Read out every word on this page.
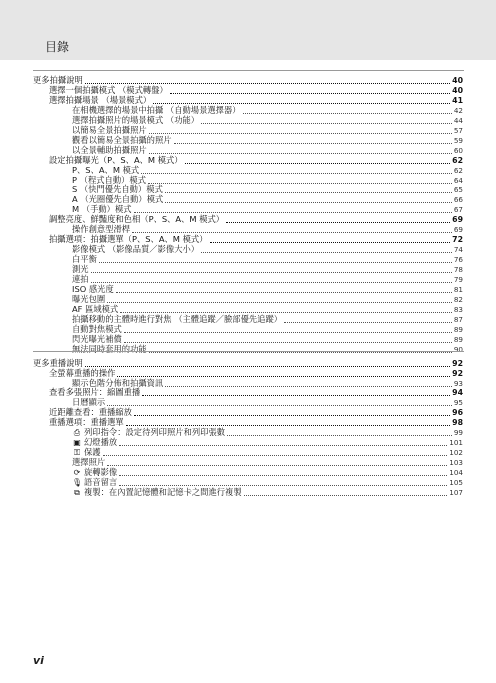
目錄
更多拍攝說明	40
選擇一個拍攝模式 （模式轉盤）	40
選擇拍攝場景 （場景模式）	41
在相機選擇的場景中拍攝 （自動場景選擇器）	42
選擇拍攝照片的場景模式 （功能）	44
以簡易全景拍攝照片	57
觀看以簡易全景拍攝的照片	59
以全景輔助拍攝照片	60
設定拍攝曝光（P、S、A、M 模式）	62
P、S、A、M 模式	62
P （程式自動）模式	64
S （快門優先自動）模式	65
A （光圈優先自動）模式	66
M （手動）模式	67
調整亮度、鮮豔度和色相（P、S、A、M 模式）	69
操作創意型滑桿	69
拍攝選項：拍攝選單（P、S、A、M 模式）	72
影像模式 （影像品質／影像大小）	74
白平衡	76
測光	78
連拍	79
ISO 感光度	81
曝光包圍	82
AF 區域模式	83
拍攝移動的主體時進行對焦 （主體追蹤／臉部優先追蹤）	87
自動對焦模式	89
閃光曝光補償	89
無法同時套用的功能	90
更多重播說明	92
全螢幕重播的操作	92
顯示色階分佈和拍攝資訊	93
查看多張照片：縮圖重播	94
日曆顯示	95
近距離查看：重播縮放	96
重播選項：重播選單	98
⎙ 列印指令：設定待列印照片和列印張數	99
▣ 幻燈播放	101
⚿ 保護	102
選擇照片	103
⟳ 旋轉影像	104
🎙 語音留言	105
⧉ 複製：在內置記憶體和記憶卡之間進行複製	107
vi
